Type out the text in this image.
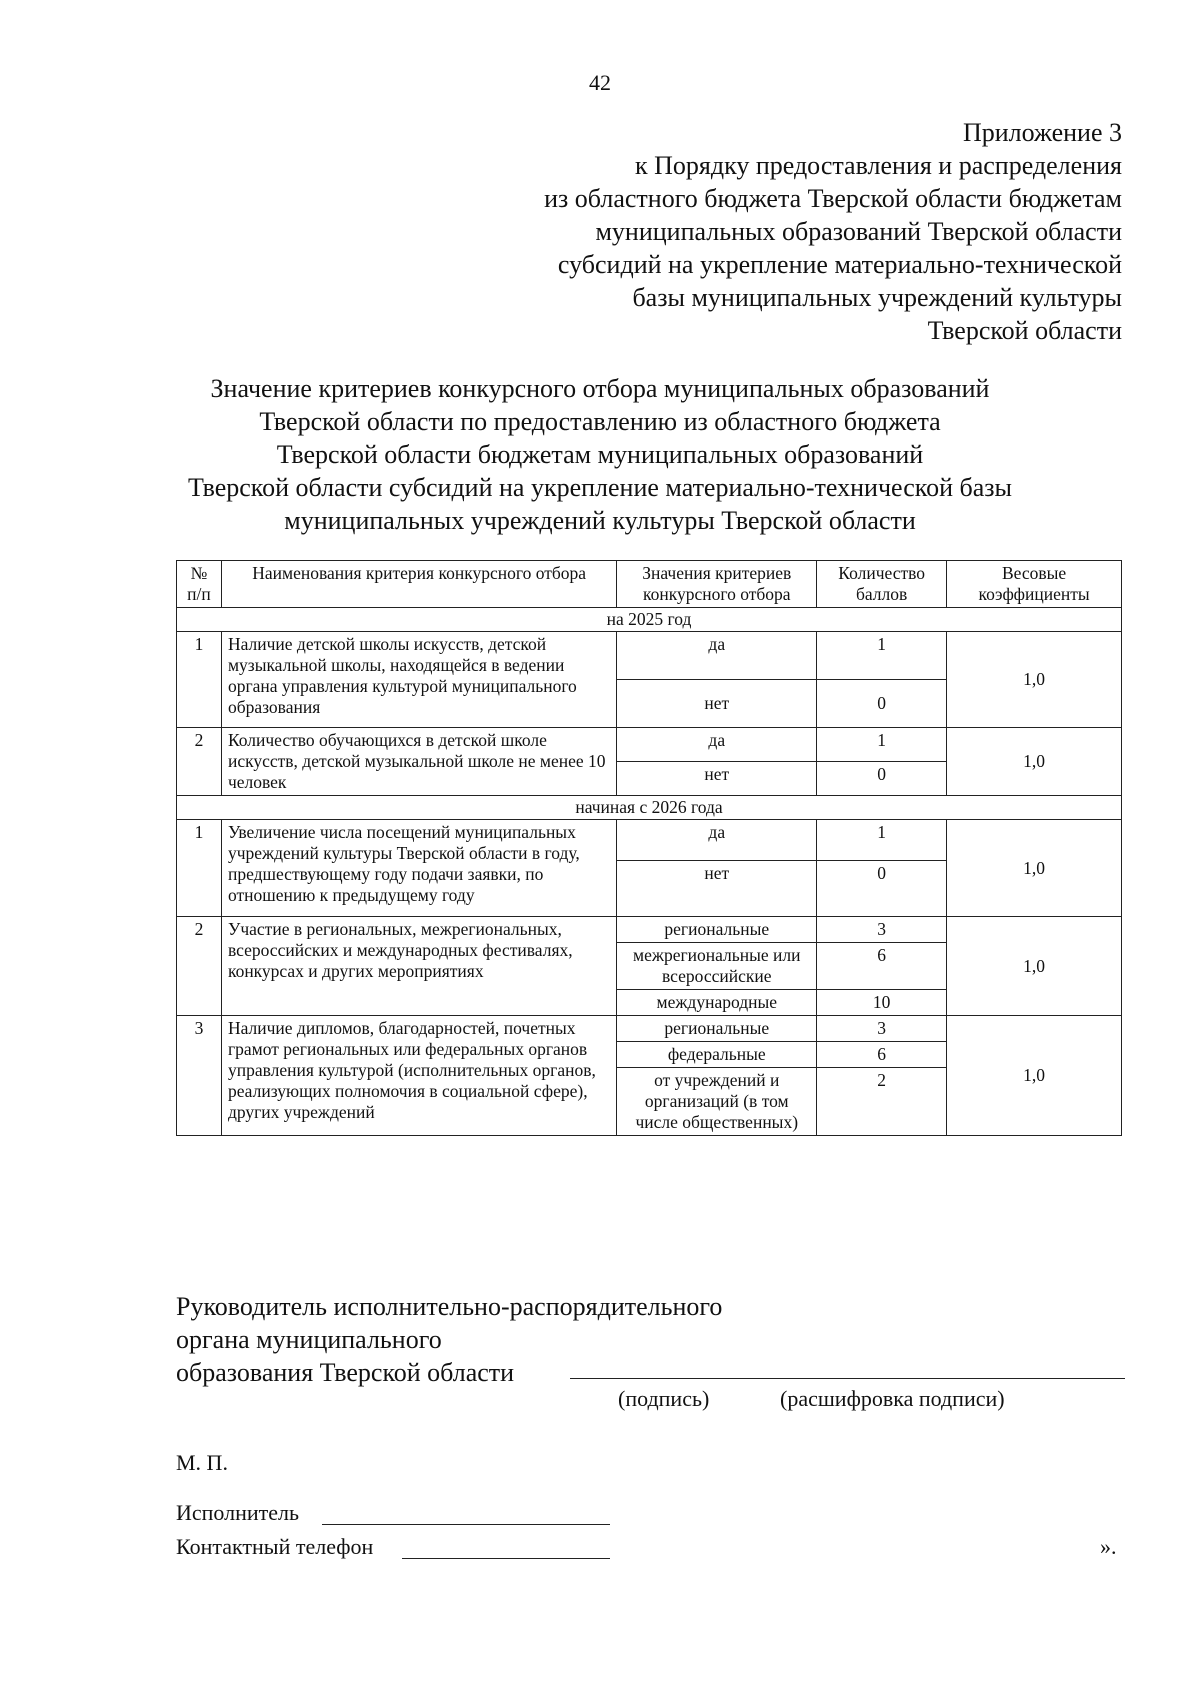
42
Приложение 3
к Порядку предоставления и распределения
из областного бюджета Тверской области бюджетам
муниципальных образований Тверской области
субсидий на укрепление материально-технической
базы муниципальных учреждений культуры
Тверской области
Значение критериев конкурсного отбора муниципальных образований
Тверской области по предоставлению из областного бюджета
Тверской области бюджетам муниципальных образований
Тверской области субсидий на укрепление материально-технической базы
муниципальных учреждений культуры Тверской области
№ п/п	Наименования критерия конкурсного отбора	Значения критериев конкурсного отбора	Количество баллов	Весовые коэффициенты
на 2025 год				
1	Наличие детской школы искусств, детской музыкальной школы, находящейся в ведении органа управления культурой муниципального образования	да	1	1,0
		нет	0	
2	Количество обучающихся в детской школе искусств, детской музыкальной школе не менее 10 человек	да	1	1,0
		нет	0	
начиная с 2026 года				
1	Увеличение числа посещений муниципальных учреждений культуры Тверской области в году, предшествующему году подачи заявки, по отношению к предыдущему году	да	1	1,0
		нет	0	
2	Участие в региональных, межрегиональных, всероссийских и международных фестивалях, конкурсах и других мероприятиях	региональные	3	1,0
		межрегиональные или всероссийские	6	
		международные	10	
3	Наличие дипломов, благодарностей, почетных грамот региональных или федеральных органов управления культурой (исполнительных органов, реализующих полномочия в социальной сфере), других учреждений	региональные	3	1,0
		федеральные	6	
		от учреждений и организаций (в том числе общественных)	2	
Руководитель исполнительно-распорядительного
органа муниципального
образования Тверской области
(подпись)	(расшифровка подписи)
М. П.
Исполнитель
Контактный телефон	».
